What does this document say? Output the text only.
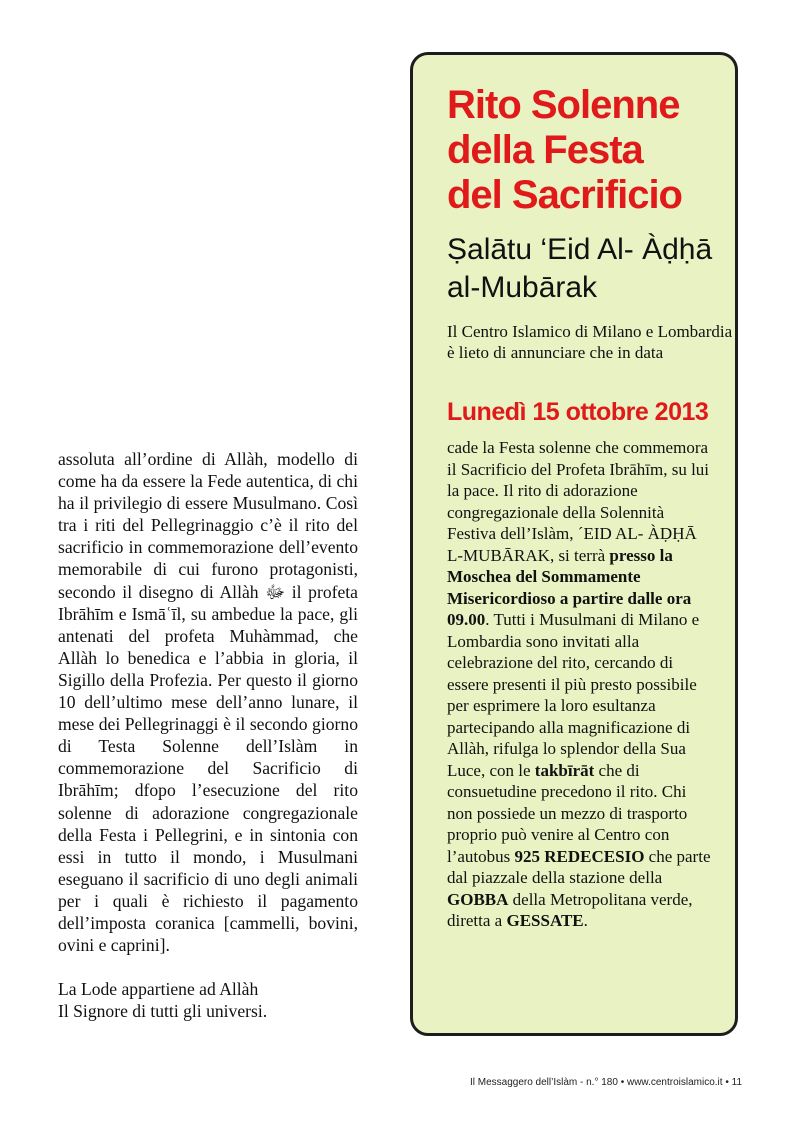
assoluta all’ordine di Allàh, modello di come ha da essere la Fede autentica, di chi ha il privilegio di essere Musulmano. Così tra i riti del Pellegrinaggio c’è il rito del sacrificio in commemorazione dell’evento memorabile di cui furono protagonisti, secondo il disegno di Allàh ﷻ il profeta Ibrāhīm e Ismāʿīl, su ambedue la pace, gli antenati del profeta Muhàmmad, che Allàh lo benedica e l’abbia in gloria, il Sigillo della Profezia. Per questo il giorno 10 dell’ultimo mese dell’anno lunare, il mese dei Pellegrinaggi è il secondo giorno di Testa Solenne dell’Islàm in commemorazione del Sacrificio di Ibrāhīm; dfopo l’esecuzione del rito solenne di adorazione congregazionale della Festa i Pellegrini, e in sintonia con essi in tutto il mondo, i Musulmani eseguano il sacrificio di uno degli animali per i quali è richiesto il pagamento dell’imposta coranica [cammelli, bovini, ovini e caprini].

La Lode appartiene ad Allàh
Il Signore di tutti gli universi.

Rito Solenne
della Festa
del Sacrificio
Ṣalātu ‘Eid Al- Àḍḥā
al-Mubārak

Il Centro Islamico di Milano e Lombardia è lieto di annunciare che in data

Lunedì 15 ottobre 2013

cade la Festa solenne che commemora il Sacrificio del Profeta Ibrāhīm, su lui la pace. Il rito di adorazione congregazionale della Solennità Festiva dell’Islàm, ´EID AL- ÀḌḤĀ L-MUBĀRAK, si terrà presso la Moschea del Sommamente Misericordioso a partire dalle ora 09.00. Tutti i Musulmani di Milano e Lombardia sono invitati alla celebrazione del rito, cercando di essere presenti il più presto possibile per esprimere la loro esultanza partecipando alla magnificazione di Allàh, rifulga lo splendor della Sua Luce, con le takbīrāt che di consuetudine precedono il rito. Chi non possiede un mezzo di trasporto proprio può venire al Centro con l’autobus 925 REDECESIO che parte dal piazzale della stazione della GOBBA della Metropolitana verde, diretta a GESSATE.

Il Messaggero dell’Islàm - n.° 180 • www.centroislamico.it • 11
